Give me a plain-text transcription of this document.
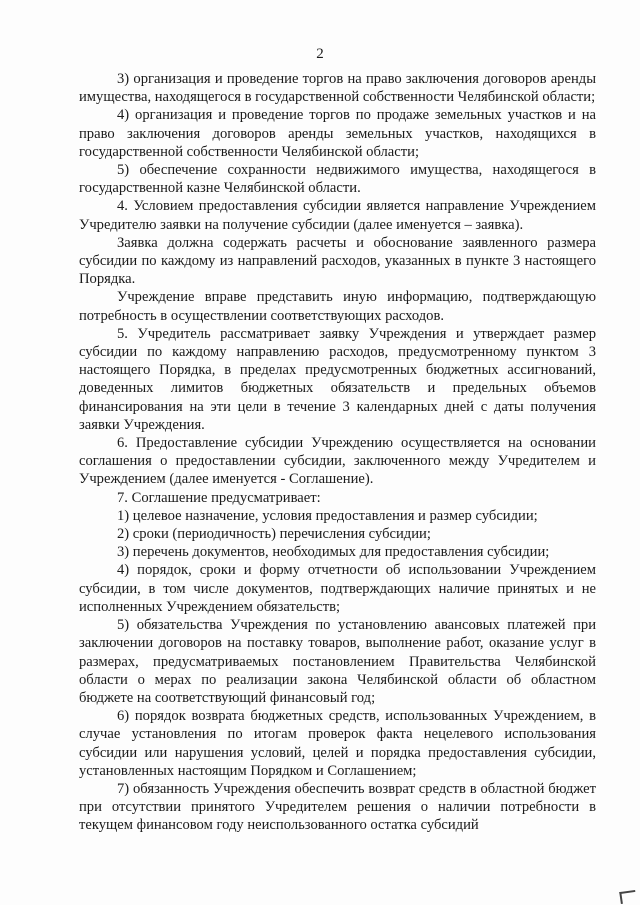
2

3) организация и проведение торгов на право заключения договоров аренды имущества, находящегося в государственной собственности Челябинской области;

4) организация и проведение торгов по продаже земельных участков и на право заключения договоров аренды земельных участков, находящихся в государственной собственности Челябинской области;

5) обеспечение сохранности недвижимого имущества, находящегося в государственной казне Челябинской области.

4. Условием предоставления субсидии является направление Учреждением Учредителю заявки на получение субсидии (далее именуется – заявка).

Заявка должна содержать расчеты и обоснование заявленного размера субсидии по каждому из направлений расходов, указанных в пункте 3 настоящего Порядка.

Учреждение вправе представить иную информацию, подтверждающую потребность в осуществлении соответствующих расходов.

5. Учредитель рассматривает заявку Учреждения и утверждает размер субсидии по каждому направлению расходов, предусмотренному пунктом 3 настоящего Порядка, в пределах предусмотренных бюджетных ассигнований, доведенных лимитов бюджетных обязательств и предельных объемов финансирования на эти цели в течение 3 календарных дней с даты получения заявки Учреждения.

6. Предоставление субсидии Учреждению осуществляется на основании соглашения о предоставлении субсидии, заключенного между Учредителем и Учреждением (далее именуется - Соглашение).

7. Соглашение предусматривает:

1) целевое назначение, условия предоставления и размер субсидии;

2) сроки (периодичность) перечисления субсидии;

3) перечень документов, необходимых для предоставления субсидии;

4) порядок, сроки и форму отчетности об использовании Учреждением субсидии, в том числе документов, подтверждающих наличие принятых и не исполненных Учреждением обязательств;

5) обязательства Учреждения по установлению авансовых платежей при заключении договоров на поставку товаров, выполнение работ, оказание услуг в размерах, предусматриваемых постановлением Правительства Челябинской области о мерах по реализации закона Челябинской области об областном бюджете на соответствующий финансовый год;

6) порядок возврата бюджетных средств, использованных Учреждением, в случае установления по итогам проверок факта нецелевого использования субсидии или нарушения условий, целей и порядка предоставления субсидии, установленных настоящим Порядком и Соглашением;

7) обязанность Учреждения обеспечить возврат средств в областной бюджет при отсутствии принятого Учредителем решения о наличии потребности в текущем финансовом году неиспользованного остатка субсидий
